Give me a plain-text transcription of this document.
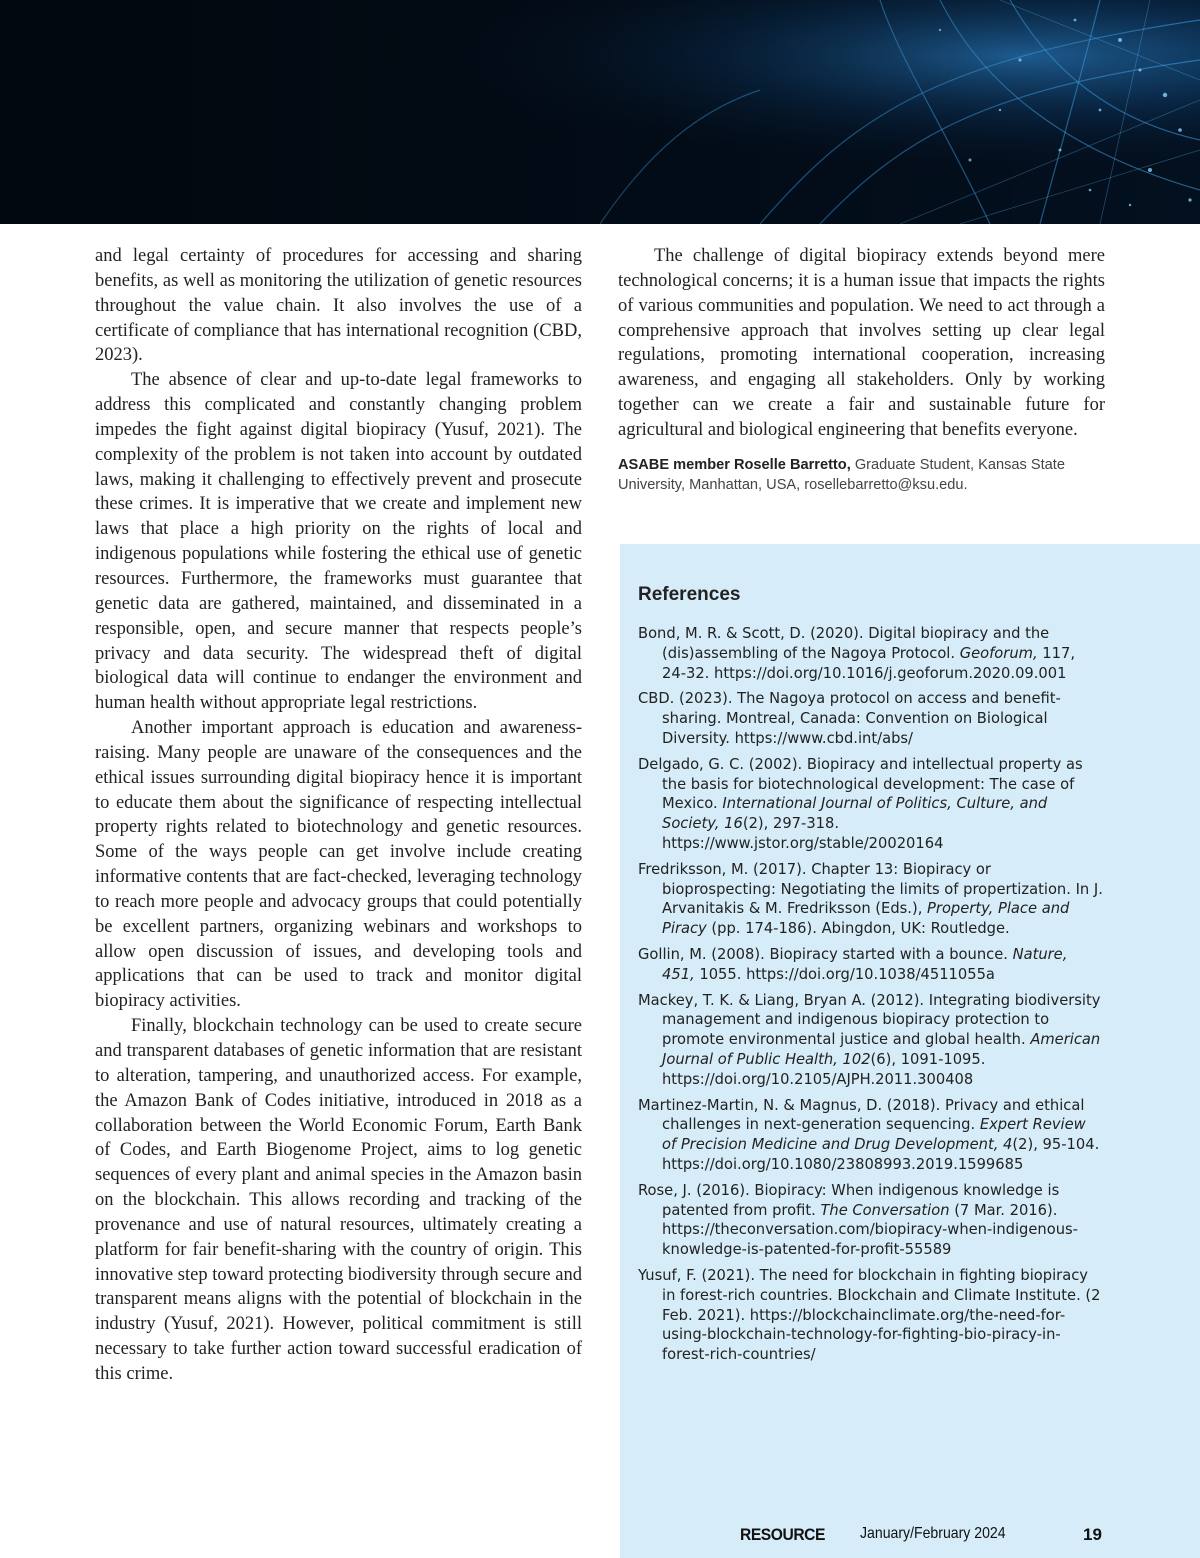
and legal certainty of procedures for accessing and sharing benefits, as well as monitoring the utilization of genetic resources throughout the value chain. It also involves the use of a certificate of compliance that has international recognition (CBD, 2023).

The absence of clear and up-to-date legal frameworks to address this complicated and constantly changing problem impedes the fight against digital biopiracy (Yusuf, 2021). The complexity of the problem is not taken into account by outdated laws, making it challenging to effectively prevent and prosecute these crimes. It is imperative that we create and implement new laws that place a high priority on the rights of local and indigenous populations while fostering the ethical use of genetic resources. Furthermore, the frameworks must guarantee that genetic data are gathered, maintained, and disseminated in a responsible, open, and secure manner that respects people’s privacy and data security. The widespread theft of digital biological data will continue to endanger the environment and human health without appropriate legal restrictions.

Another important approach is education and awareness-raising. Many people are unaware of the consequences and the ethical issues surrounding digital biopiracy hence it is important to educate them about the significance of respecting intellectual property rights related to biotechnology and genetic resources. Some of the ways people can get involve include creating informative contents that are fact-checked, leveraging technology to reach more people and advocacy groups that could potentially be excellent partners, organizing webinars and workshops to allow open discussion of issues, and developing tools and applications that can be used to track and monitor digital biopiracy activities.

Finally, blockchain technology can be used to create secure and transparent databases of genetic information that are resistant to alteration, tampering, and unauthorized access. For example, the Amazon Bank of Codes initiative, introduced in 2018 as a collaboration between the World Economic Forum, Earth Bank of Codes, and Earth Biogenome Project, aims to log genetic sequences of every plant and animal species in the Amazon basin on the blockchain. This allows recording and tracking of the provenance and use of natural resources, ultimately creating a platform for fair benefit-sharing with the country of origin. This innovative step toward protecting biodiversity through secure and transparent means aligns with the potential of blockchain in the industry (Yusuf, 2021). However, political commitment is still necessary to take further action toward successful eradication of this crime.

The challenge of digital biopiracy extends beyond mere technological concerns; it is a human issue that impacts the rights of various communities and population. We need to act through a comprehensive approach that involves setting up clear legal regulations, promoting international cooperation, increasing awareness, and engaging all stakeholders. Only by working together can we create a fair and sustainable future for agricultural and biological engineering that benefits everyone.

ASABE member Roselle Barretto, Graduate Student, Kansas State University, Manhattan, USA, rosellebarretto@ksu.edu.
References
Bond, M. R. & Scott, D. (2020). Digital biopiracy and the (dis)assembling of the Nagoya Protocol. Geoforum, 117, 24-32. https://doi.org/10.1016/j.geoforum.2020.09.001
CBD. (2023). The Nagoya protocol on access and benefit-sharing. Montreal, Canada: Convention on Biological Diversity. https://www.cbd.int/abs/
Delgado, G. C. (2002). Biopiracy and intellectual property as the basis for biotechnological development: The case of Mexico. International Journal of Politics, Culture, and Society, 16(2), 297-318. https://www.jstor.org/stable/20020164
Fredriksson, M. (2017). Chapter 13: Biopiracy or bioprospecting: Negotiating the limits of propertization. In J. Arvanitakis & M. Fredriksson (Eds.), Property, Place and Piracy (pp. 174-186). Abingdon, UK: Routledge.
Gollin, M. (2008). Biopiracy started with a bounce. Nature, 451, 1055. https://doi.org/10.1038/4511055a
Mackey, T. K. & Liang, Bryan A. (2012). Integrating biodiversity management and indigenous biopiracy protection to promote environmental justice and global health. American Journal of Public Health, 102(6), 1091-1095. https://doi.org/10.2105/AJPH.2011.300408
Martinez-Martin, N. & Magnus, D. (2018). Privacy and ethical challenges in next-generation sequencing. Expert Review of Precision Medicine and Drug Development, 4(2), 95-104. https://doi.org/10.1080/23808993.2019.1599685
Rose, J. (2016). Biopiracy: When indigenous knowledge is patented from profit. The Conversation (7 Mar. 2016). https://theconversation.com/biopiracy-when-indigenous-knowledge-is-patented-for-profit-55589
Yusuf, F. (2021). The need for blockchain in fighting biopiracy in forest-rich countries. Blockchain and Climate Institute. (2 Feb. 2021). https://blockchainclimate.org/the-need-for-using-blockchain-technology-for-fighting-bio-piracy-in-forest-rich-countries/
RESOURCE January/February 2024	19
